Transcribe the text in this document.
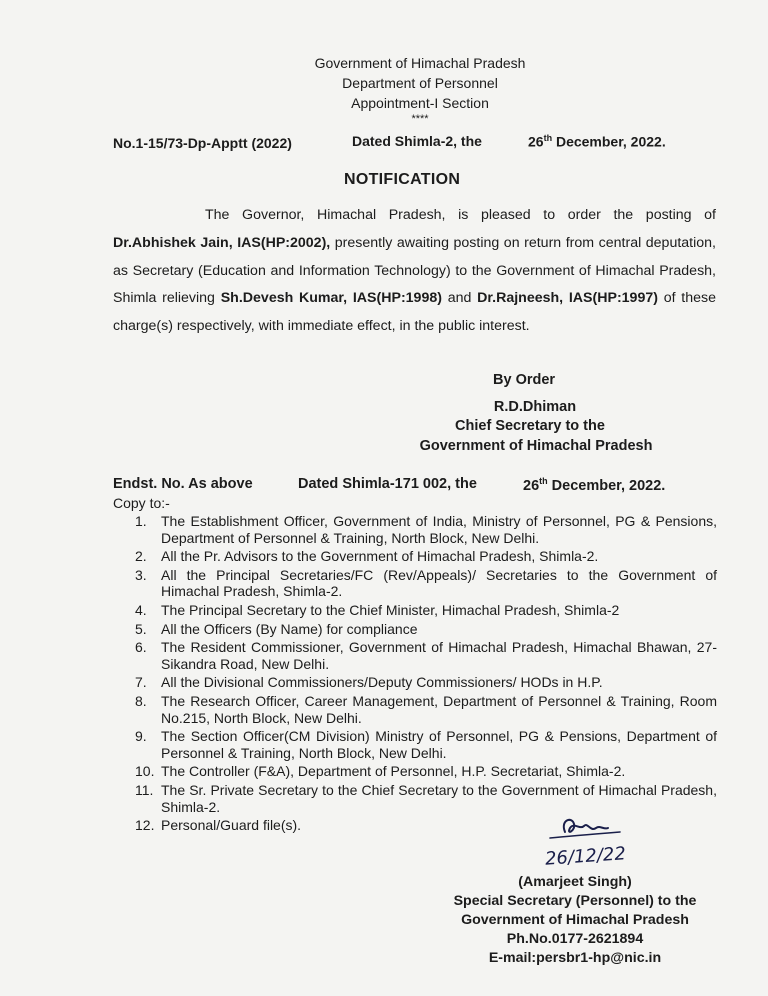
Government of Himachal Pradesh
Department of Personnel
Appointment-I Section
****
No.1-15/73-Dp-Apptt (2022)	Dated Shimla-2, the	26th December, 2022.
NOTIFICATION

The Governor, Himachal Pradesh, is pleased to order the posting of Dr.Abhishek Jain, IAS(HP:2002), presently awaiting posting on return from central deputation, as Secretary (Education and Information Technology) to the Government of Himachal Pradesh, Shimla relieving Sh.Devesh Kumar, IAS(HP:1998) and Dr.Rajneesh, IAS(HP:1997) of these charge(s) respectively, with immediate effect, in the public interest.

By Order
R.D.Dhiman
Chief Secretary to the
Government of Himachal Pradesh
Endst. No. As above	Dated Shimla-171 002, the	26th December, 2022.
Copy to:-
1. The Establishment Officer, Government of India, Ministry of Personnel, PG & Pensions, Department of Personnel & Training, North Block, New Delhi.
2. All the Pr. Advisors to the Government of Himachal Pradesh, Shimla-2.
3. All the Principal Secretaries/FC (Rev/Appeals)/ Secretaries to the Government of Himachal Pradesh, Shimla-2.
4. The Principal Secretary to the Chief Minister, Himachal Pradesh, Shimla-2
5. All the Officers (By Name) for compliance
6. The Resident Commissioner, Government of Himachal Pradesh, Himachal Bhawan, 27-Sikandra Road, New Delhi.
7. All the Divisional Commissioners/Deputy Commissioners/ HODs in H.P.
8. The Research Officer, Career Management, Department of Personnel & Training, Room No.215, North Block, New Delhi.
9. The Section Officer(CM Division) Ministry of Personnel, PG & Pensions, Department of Personnel & Training, North Block, New Delhi.
10. The Controller (F&A), Department of Personnel, H.P. Secretariat, Shimla-2.
11. The Sr. Private Secretary to the Chief Secretary to the Government of Himachal Pradesh, Shimla-2.
12. Personal/Guard file(s).
26/12/22
(Amarjeet Singh)
Special Secretary (Personnel) to the
Government of Himachal Pradesh
Ph.No.0177-2621894
E-mail:persbr1-hp@nic.in
